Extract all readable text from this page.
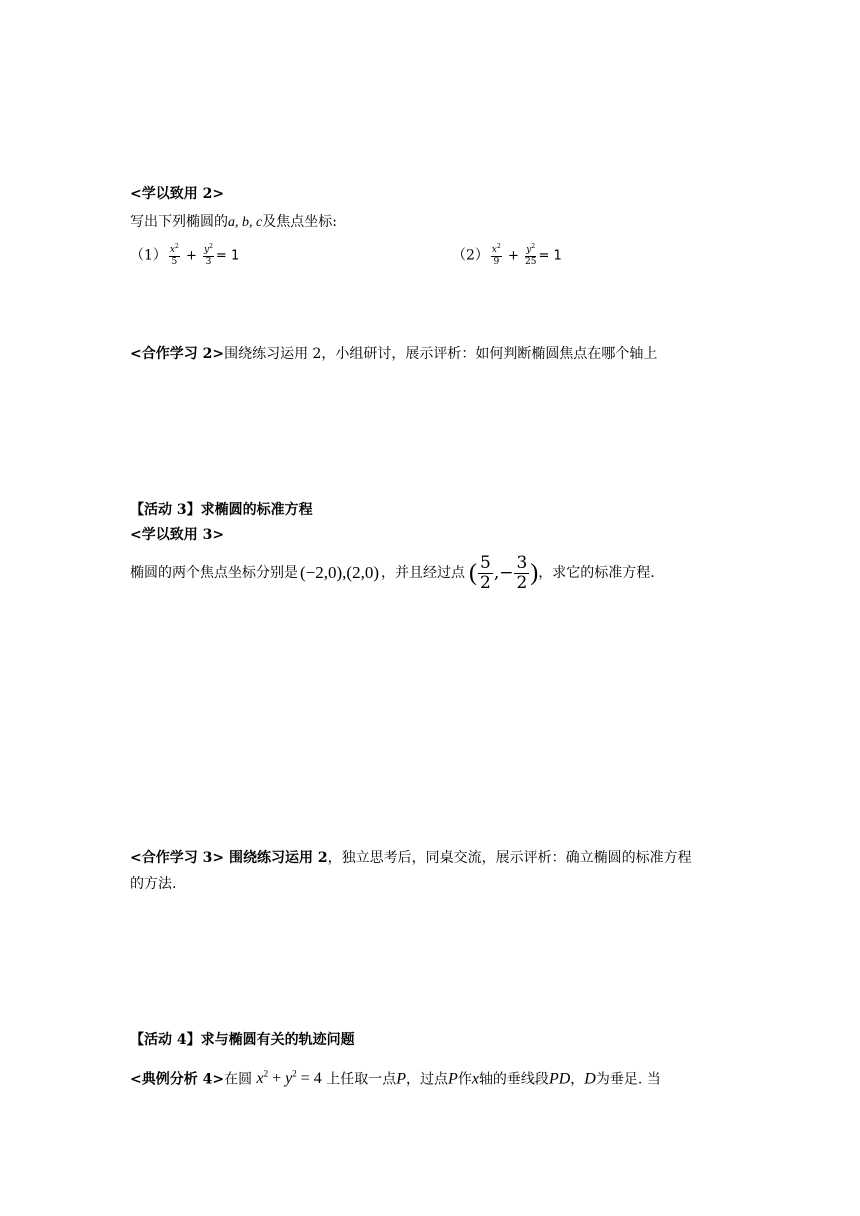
<学以致用 2>
写出下列椭圆的a, b, c及焦点坐标:
$(1) \frac{x^2}{5} + \frac{y^2}{3} = 1$	$(2) \frac{x^2}{9} + \frac{y^2}{25} = 1$
<合作学习 2>围绕练习运用 2，小组研讨，展示评析：如何判断椭圆焦点在哪个轴上
【活动 3】求椭圆的标准方程
<学以致用 3>
椭圆的两个焦点坐标分别是 (−2,0),(2,0) ，并且经过点 ( $\frac{5}{2}$ , − $\frac{3}{2}$ ) ，求它的标准方程.
<合作学习 3> 围绕练习运用 2，独立思考后，同桌交流，展示评析：确立椭圆的标准方程
的方法.
【活动 4】求与椭圆有关的轨迹问题
<典例分析 4>在圆 $x^2 + y^2 = 4$ 上任取一点P，过点P作x轴的垂线段PD，D为垂足. 当
